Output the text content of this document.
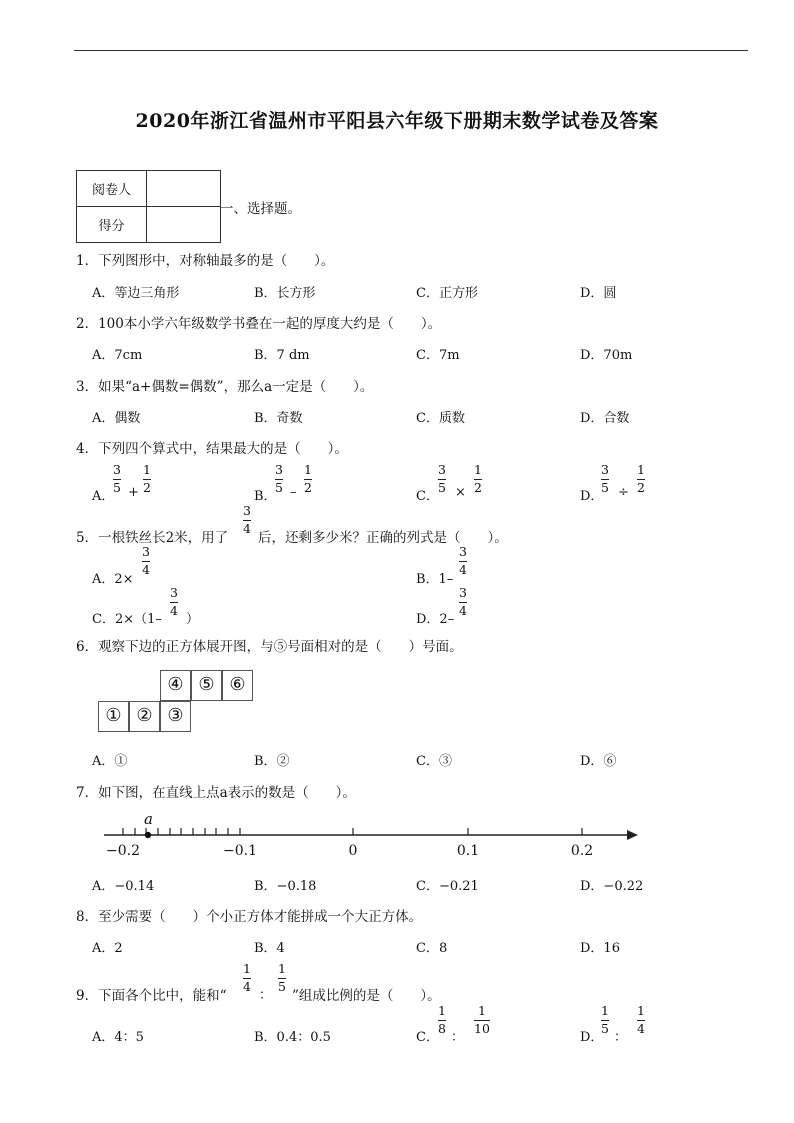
2020年浙江省温州市平阳县六年级下册期末数学试卷及答案
阅卷人	
得分	
一、选择题。
1．下列图形中，对称轴最多的是（　　）。
A．等边三角形	B．长方形	C．正方形	D．圆
2．100本小学六年级数学书叠在一起的厚度大约是（　　）。
A．7cm	B．7 dm	C．7m	D．70m
3．如果“a+偶数=偶数”，那么a一定是（　　）。
A．偶数	B．奇数	C．质数	D．合数
4．下列四个算式中，结果最大的是（　　）。
A．
3
5 +
1
2
B．
3
5 –
1
2
C．
3
5 ×
1
2
D．
3
5 ÷
1
2
5．一根铁丝长2米，用了
3
4
后，还剩多少米？正确的列式是（　　）。
A．2×
3
4
B．1–
3
4
C．2×（1–
3
4
）	D．2–
3
4
6．观察下边的正方体展开图，与⑤号面相对的是（　　）号面。
④ ⑤ ⑥
① ② ③
A．①	B．②	C．③	D．⑥
7．如下图，在直线上点a表示的数是（　　）。
a
−0.2	−0.1	0	0.1	0.2
A．−0.14	B．−0.18	C．−0.21	D．−0.22
8．至少需要（　　）个小正方体才能拼成一个大正方体。
A．2	B．4	C．8	D．16
9．下面各个比中，能和“
1
4
：
1
5
”组成比例的是（　　）。
A．4：5	B．0.4：0.5	C．
1
8
：
1
10
D．
1
5
：
1
4
